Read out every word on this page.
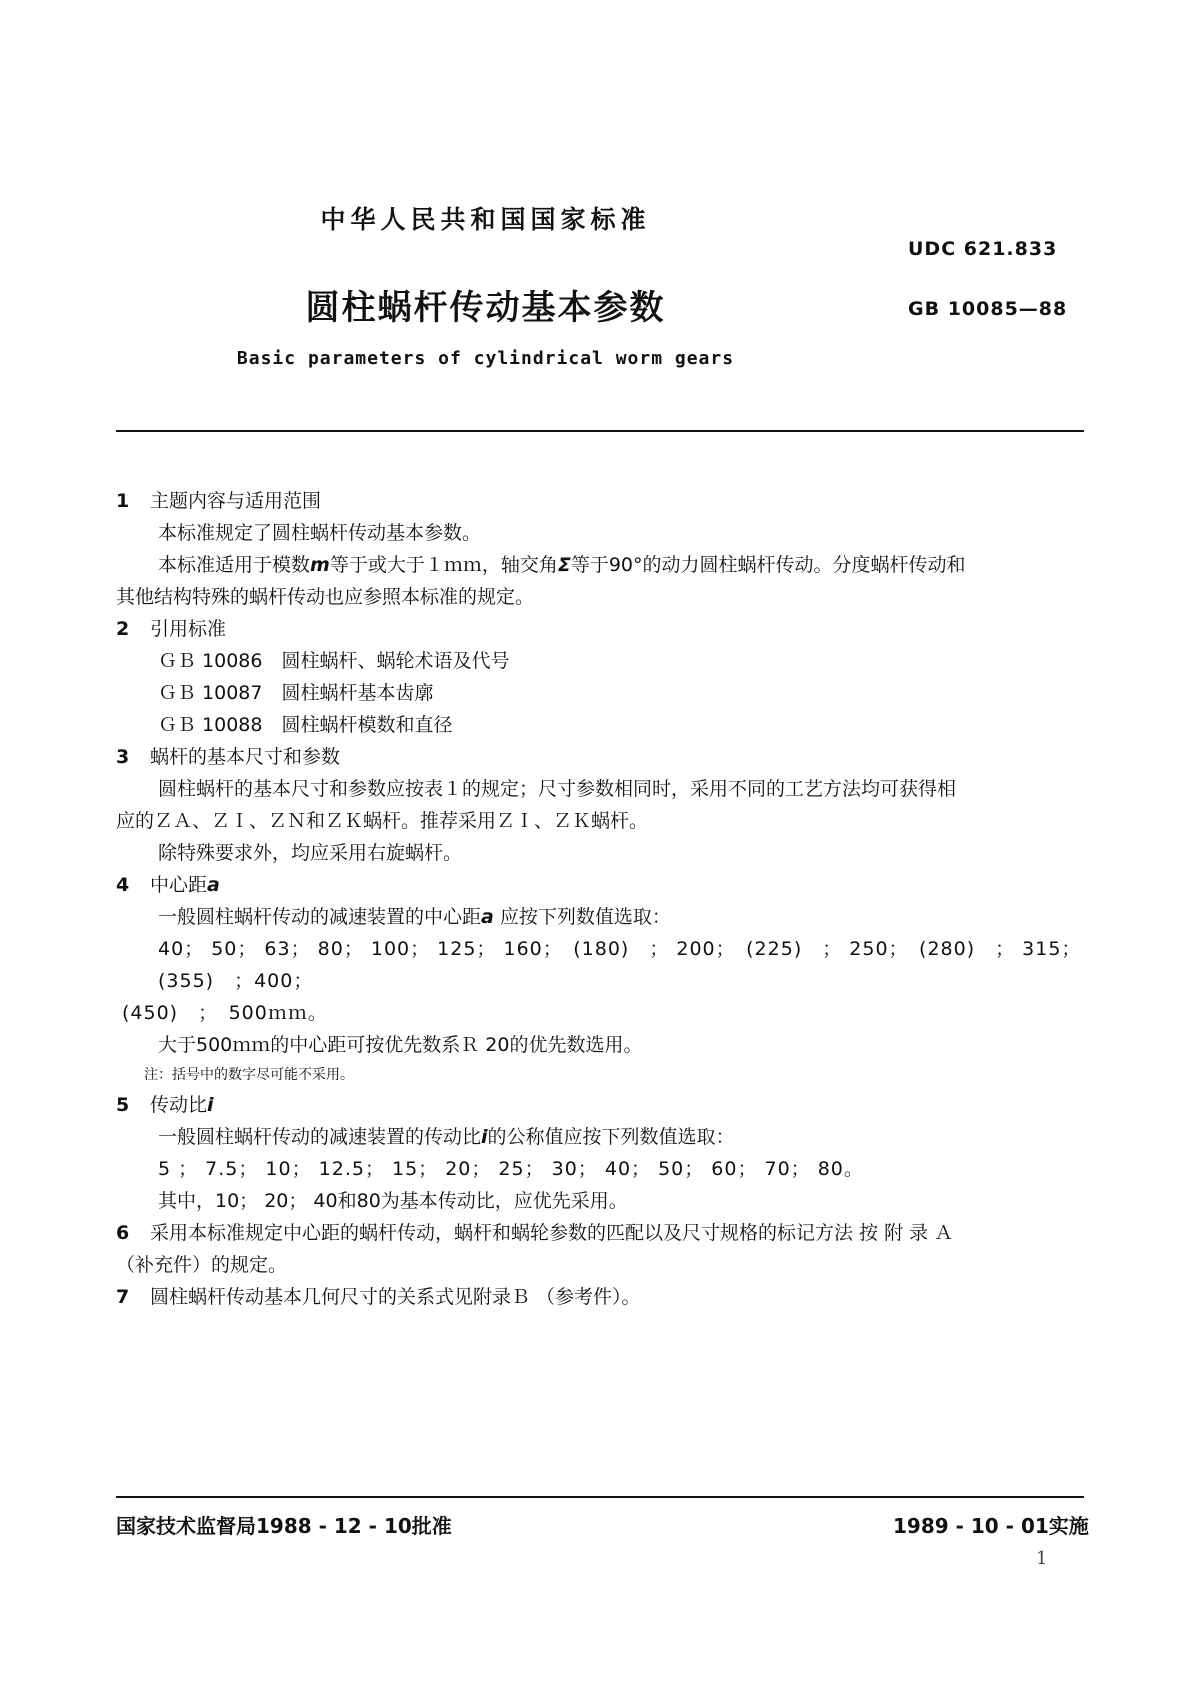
中华人民共和国国家标准
UDC 621.833
圆柱蜗杆传动基本参数	GB 10085—88
Basic parameters of cylindrical worm gears
1	主题内容与适用范围

本标准规定了圆柱蜗杆传动基本参数。

本标准适用于模数m等于或大于１ｍｍ，轴交角Σ等于90°的动力圆柱蜗杆传动。分度蜗杆传动和

其他结构特殊的蜗杆传动也应参照本标准的规定。

2	引用标准

ＧＢ 10086　圆柱蜗杆、蜗轮术语及代号

ＧＢ 10087　圆柱蜗杆基本齿廓

ＧＢ 10088　圆柱蜗杆模数和直径

3	蜗杆的基本尺寸和参数

圆柱蜗杆的基本尺寸和参数应按表１的规定；尺寸参数相同时，采用不同的工艺方法均可获得相

应的ＺＡ、ＺＩ、ＺＮ和ＺＫ蜗杆。推荐采用ＺＩ、ＺＫ蜗杆。

除特殊要求外，均应采用右旋蜗杆。

4	中心距a

一般圆柱蜗杆传动的减速装置的中心距a 应按下列数值选取：

40； 50； 63； 80； 100； 125； 160；　(180)　； 200；　(225)　； 250；　(280)　； 315；　(355)　；400；

(450)　；　500ｍｍ。

大于500ｍｍ的中心距可按优先数系Ｒ 20的优先数选用。

注：括号中的数字尽可能不采用。

5	传动比i

一般圆柱蜗杆传动的减速装置的传动比i的公称值应按下列数值选取：

5 ； 7.5； 10； 12.5； 15； 20； 25； 30； 40； 50； 60； 70； 80。

其中，10； 20； 40和80为基本传动比，应优先采用。

6	采用本标准规定中心距的蜗杆传动，蜗杆和蜗轮参数的匹配以及尺寸规格的标记方法 按 附 录 Ａ

（补充件）的规定。

7	圆柱蜗杆传动基本几何尺寸的关系式见附录Ｂ （参考件）。
国家技术监督局1988 - 12 - 10批准	1989 - 10 - 01实施
1
